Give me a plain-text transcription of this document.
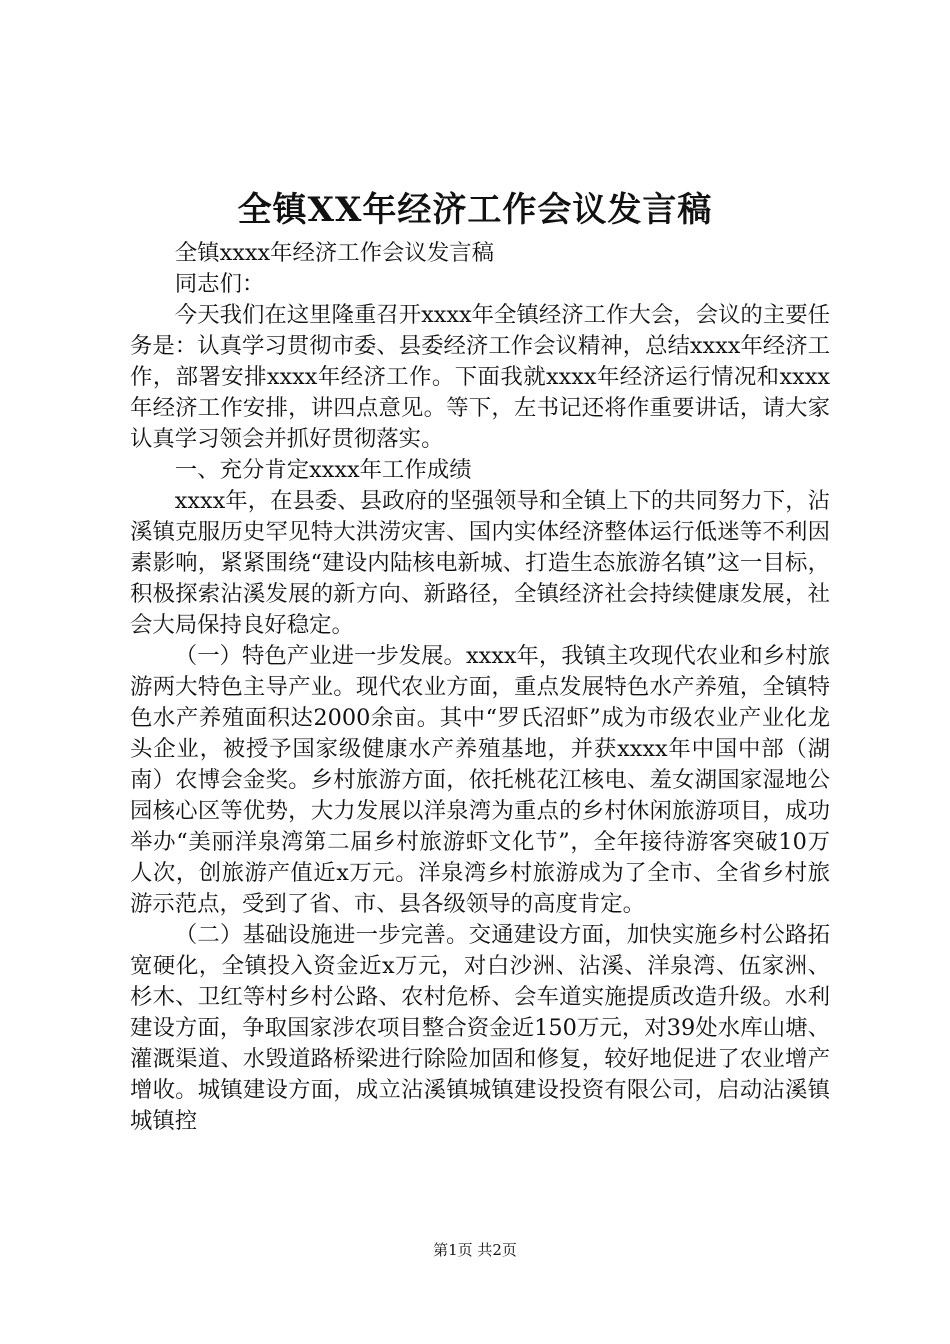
全镇XX年经济工作会议发言稿

全镇xxxx年经济工作会议发言稿

同志们：

今天我们在这里隆重召开xxxx年全镇经济工作大会，会议的主要任务是：认真学习贯彻市委、县委经济工作会议精神，总结xxxx年经济工作，部署安排xxxx年经济工作。下面我就xxxx年经济运行情况和xxxx年经济工作安排，讲四点意见。等下，左书记还将作重要讲话，请大家认真学习领会并抓好贯彻落实。

一、充分肯定xxxx年工作成绩

xxxx年，在县委、县政府的坚强领导和全镇上下的共同努力下，沾溪镇克服历史罕见特大洪涝灾害、国内实体经济整体运行低迷等不利因素影响，紧紧围绕“建设内陆核电新城、打造生态旅游名镇”这一目标，积极探索沾溪发展的新方向、新路径，全镇经济社会持续健康发展，社会大局保持良好稳定。

（一）特色产业进一步发展。xxxx年，我镇主攻现代农业和乡村旅游两大特色主导产业。现代农业方面，重点发展特色水产养殖，全镇特色水产养殖面积达2000余亩。其中“罗氏沼虾”成为市级农业产业化龙头企业，被授予国家级健康水产养殖基地，并获xxxx年中国中部（湖南）农博会金奖。乡村旅游方面，依托桃花江核电、羞女湖国家湿地公园核心区等优势，大力发展以洋泉湾为重点的乡村休闲旅游项目，成功举办“美丽洋泉湾第二届乡村旅游虾文化节”，全年接待游客突破10万人次，创旅游产值近x万元。洋泉湾乡村旅游成为了全市、全省乡村旅游示范点，受到了省、市、县各级领导的高度肯定。

（二）基础设施进一步完善。交通建设方面，加快实施乡村公路拓宽硬化，全镇投入资金近x万元，对白沙洲、沾溪、洋泉湾、伍家洲、杉木、卫红等村乡村公路、农村危桥、会车道实施提质改造升级。水利建设方面，争取国家涉农项目整合资金近150万元，对39处水库山塘、灌溉渠道、水毁道路桥梁进行除险加固和修复，较好地促进了农业增产增收。城镇建设方面，成立沾溪镇城镇建设投资有限公司，启动沾溪镇城镇控

第1页 共2页
